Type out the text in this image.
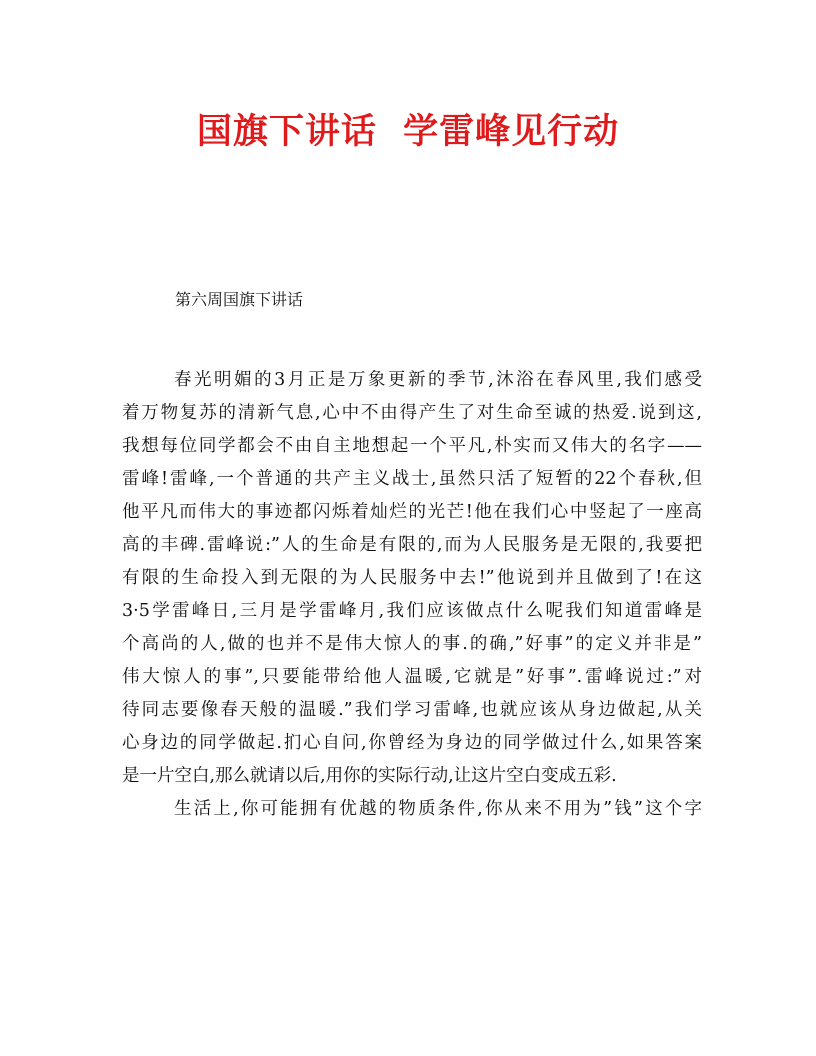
国旗下讲话  学雷峰见行动
第六周国旗下讲话
春光明媚的3月正是万象更新的季节,沐浴在春风里,我们感受
着万物复苏的清新气息,心中不由得产生了对生命至诚的热爱.说到这,
我想每位同学都会不由自主地想起一个平凡,朴实而又伟大的名字——
雷峰!雷峰,一个普通的共产主义战士,虽然只活了短暂的22个春秋,但
他平凡而伟大的事迹都闪烁着灿烂的光芒!他在我们心中竖起了一座高
高的丰碑.雷峰说:”人的生命是有限的,而为人民服务是无限的,我要把
有限的生命投入到无限的为人民服务中去!”他说到并且做到了!在这
3·5学雷峰日,三月是学雷峰月,我们应该做点什么呢我们知道雷峰是
个高尚的人,做的也并不是伟大惊人的事.的确,”好事”的定义并非是”
伟大惊人的事”,只要能带给他人温暖,它就是”好事”.雷峰说过:”对
待同志要像春天般的温暖.”我们学习雷峰,也就应该从身边做起,从关
心身边的同学做起.扪心自问,你曾经为身边的同学做过什么,如果答案
是一片空白,那么就请以后,用你的实际行动,让这片空白变成五彩.
生活上,你可能拥有优越的物质条件,你从来不用为”钱”这个字
